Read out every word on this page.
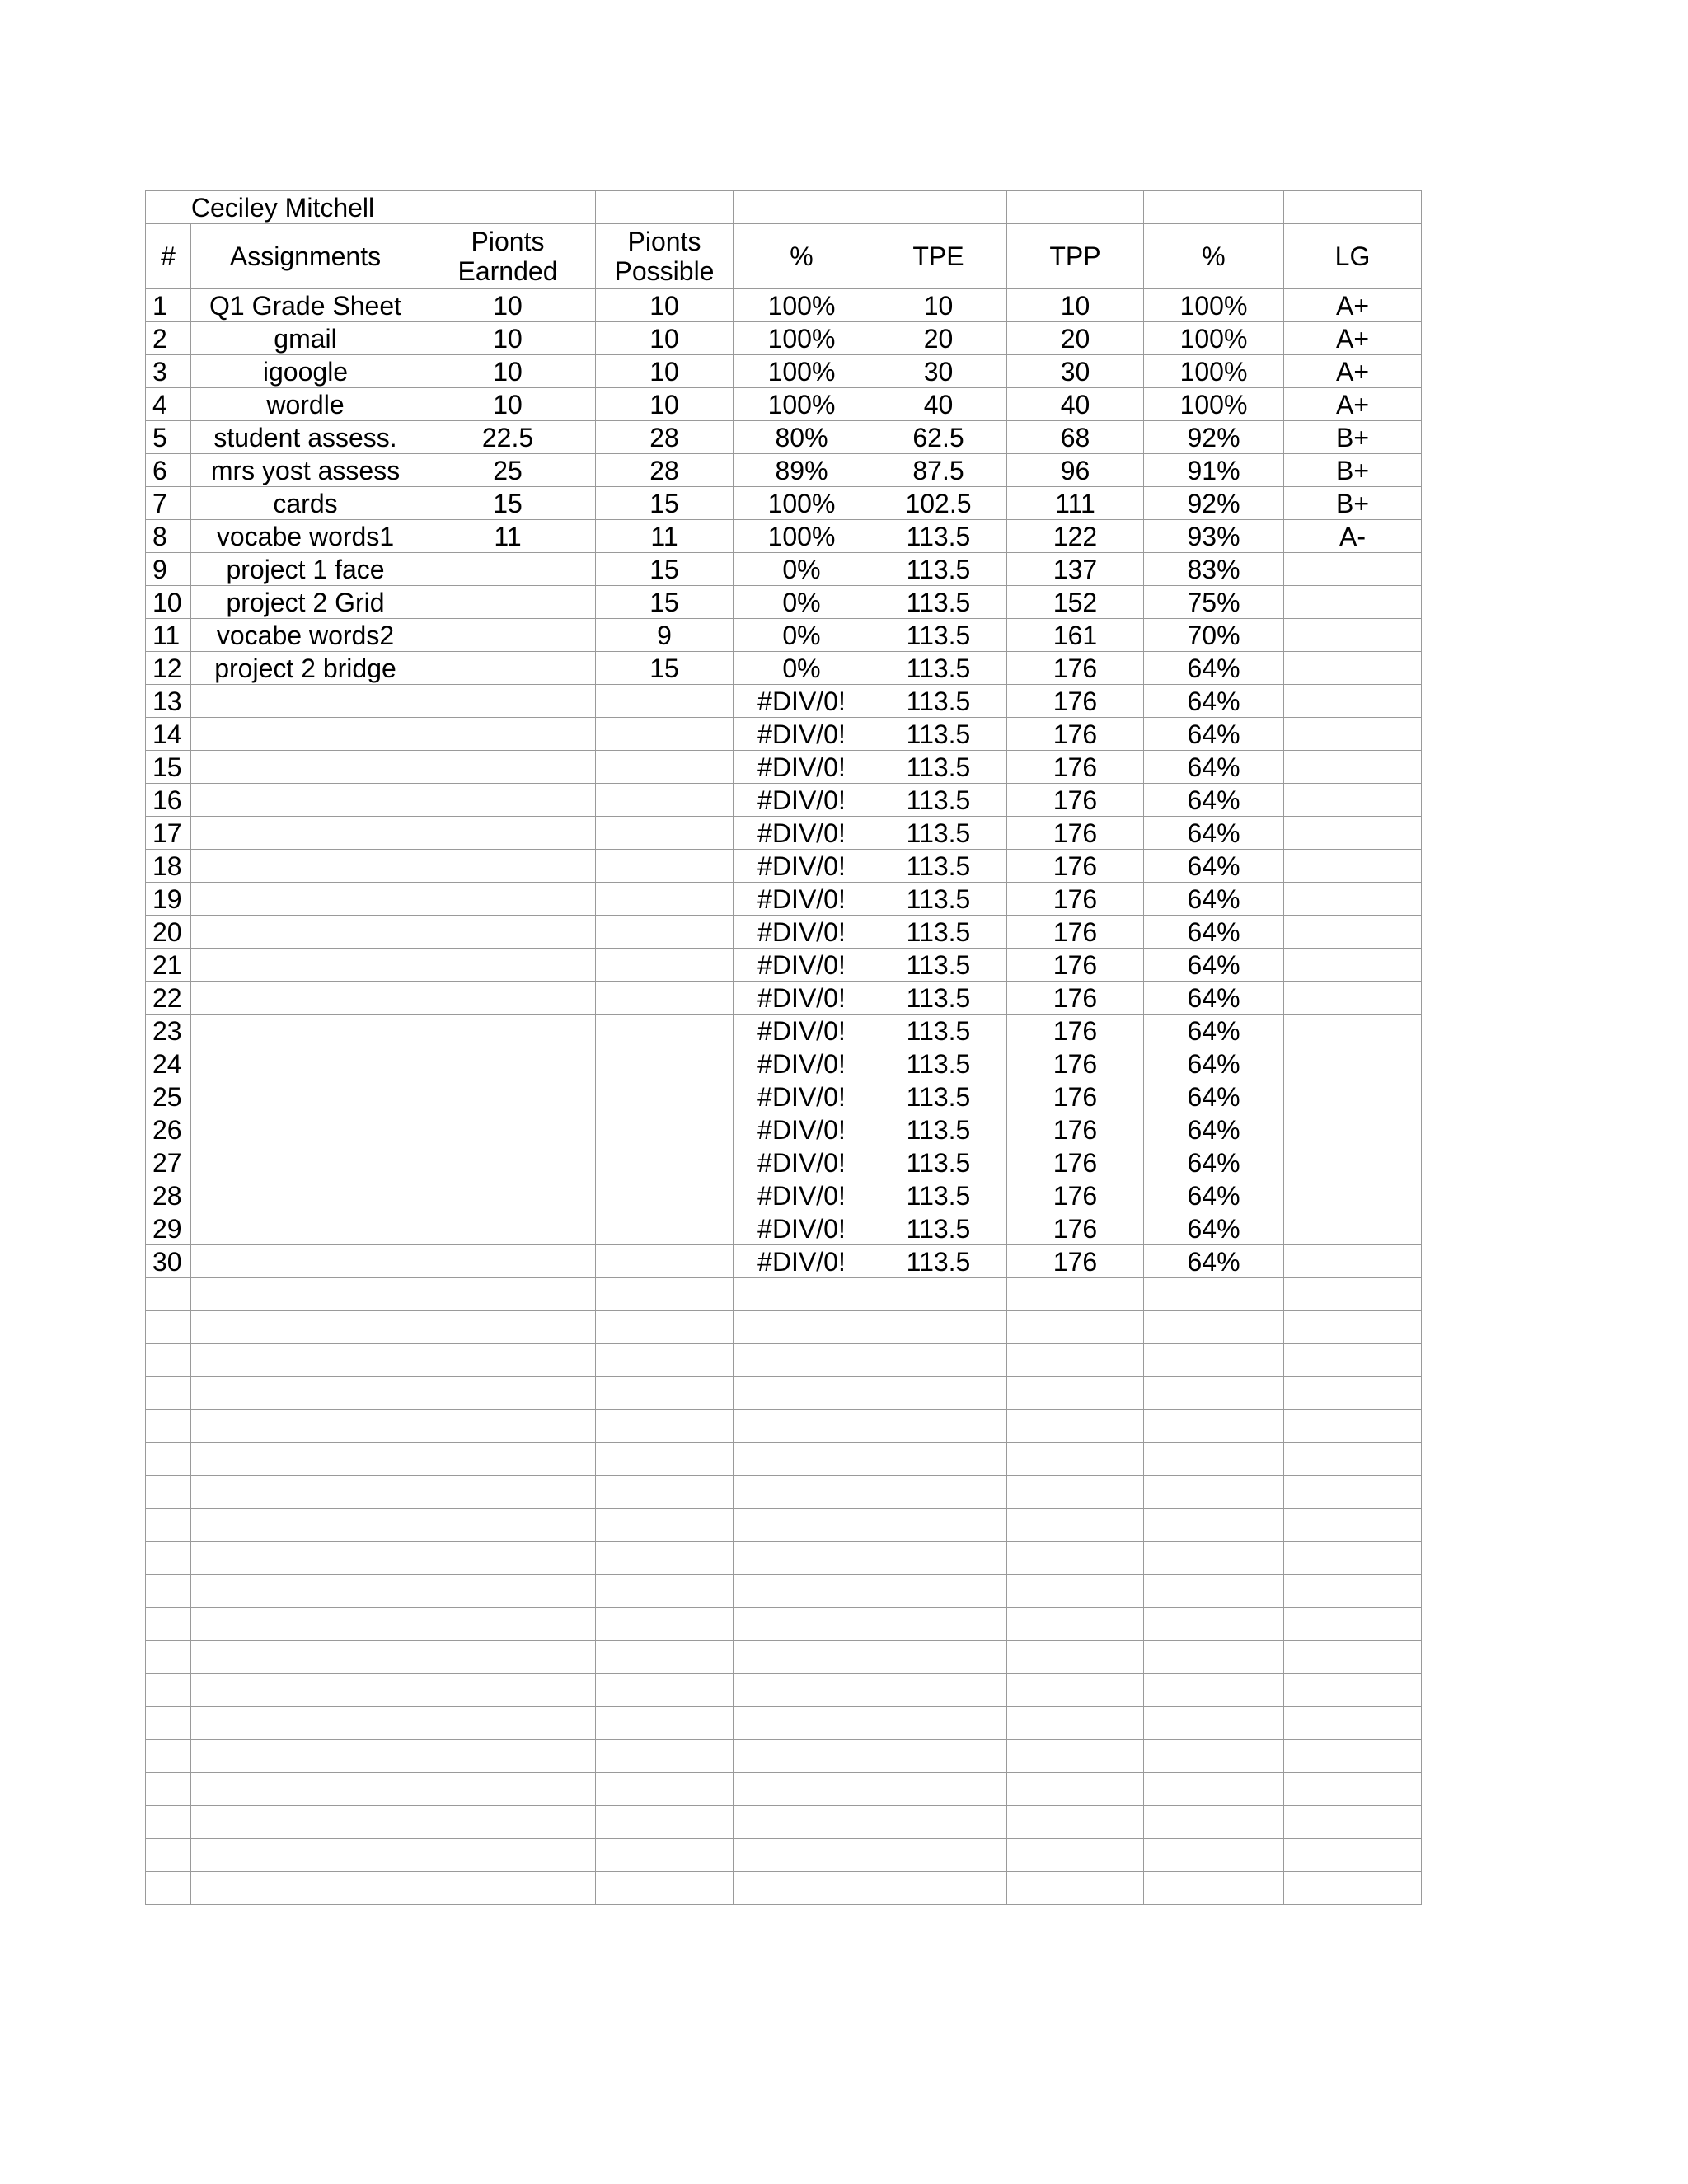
Ceciley Mitchell								
#	Assignments	Pionts Earnded	Pionts Possible	%	TPE	TPP	%	LG
1	Q1 Grade Sheet	10	10	100%	10	10	100%	A+
2	gmail	10	10	100%	20	20	100%	A+
3	igoogle	10	10	100%	30	30	100%	A+
4	wordle	10	10	100%	40	40	100%	A+
5	student assess.	22.5	28	80%	62.5	68	92%	B+
6	mrs yost assess	25	28	89%	87.5	96	91%	B+
7	cards	15	15	100%	102.5	111	92%	B+
8	vocabe words1	11	11	100%	113.5	122	93%	A-
9	project 1 face		15	0%	113.5	137	83%	
10	project 2 Grid		15	0%	113.5	152	75%	
11	vocabe words2		9	0%	113.5	161	70%	
12	project 2 bridge		15	0%	113.5	176	64%	
13				#DIV/0!	113.5	176	64%	
14				#DIV/0!	113.5	176	64%	
15				#DIV/0!	113.5	176	64%	
16				#DIV/0!	113.5	176	64%	
17				#DIV/0!	113.5	176	64%	
18				#DIV/0!	113.5	176	64%	
19				#DIV/0!	113.5	176	64%	
20				#DIV/0!	113.5	176	64%	
21				#DIV/0!	113.5	176	64%	
22				#DIV/0!	113.5	176	64%	
23				#DIV/0!	113.5	176	64%	
24				#DIV/0!	113.5	176	64%	
25				#DIV/0!	113.5	176	64%	
26				#DIV/0!	113.5	176	64%	
27				#DIV/0!	113.5	176	64%	
28				#DIV/0!	113.5	176	64%	
29				#DIV/0!	113.5	176	64%	
30				#DIV/0!	113.5	176	64%	
